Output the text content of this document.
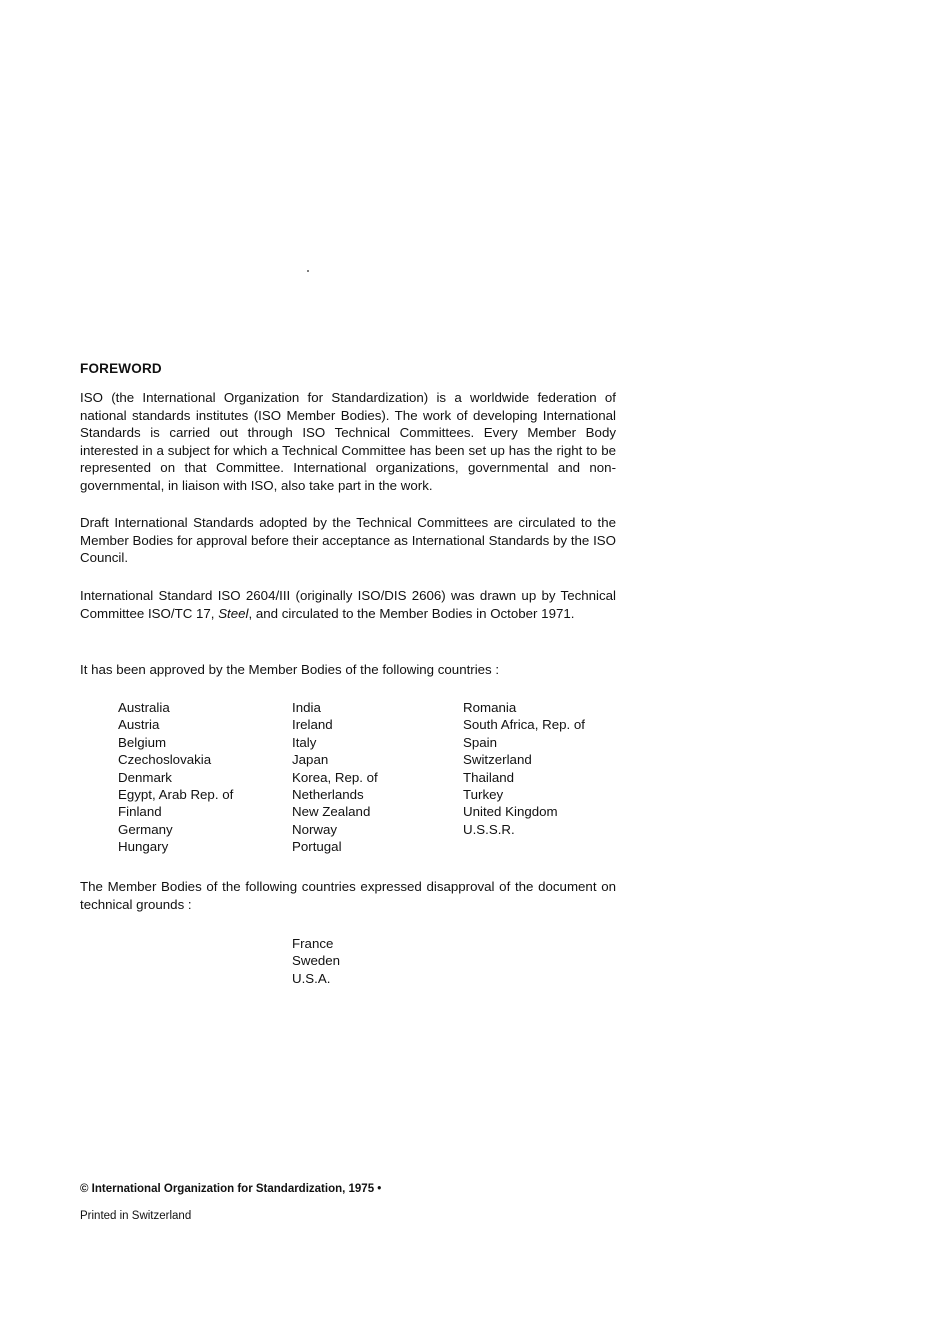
FOREWORD
ISO (the International Organization for Standardization) is a worldwide federation of national standards institutes (ISO Member Bodies). The work of developing International Standards is carried out through ISO Technical Committees. Every Member Body interested in a subject for which a Technical Committee has been set up has the right to be represented on that Committee. International organizations, governmental and non-governmental, in liaison with ISO, also take part in the work.
Draft International Standards adopted by the Technical Committees are circulated to the Member Bodies for approval before their acceptance as International Standards by the ISO Council.
International Standard ISO 2604/III (originally ISO/DIS 2606) was drawn up by Technical Committee ISO/TC 17, Steel, and circulated to the Member Bodies in October 1971.
It has been approved by the Member Bodies of the following countries :
Australia
Austria
Belgium
Czechoslovakia
Denmark
Egypt, Arab Rep. of
Finland
Germany
Hungary
India
Ireland
Italy
Japan
Korea, Rep. of
Netherlands
New Zealand
Norway
Portugal
Romania
South Africa, Rep. of
Spain
Switzerland
Thailand
Turkey
United Kingdom
U.S.S.R.
The Member Bodies of the following countries expressed disapproval of the document on technical grounds :
France
Sweden
U.S.A.
© International Organization for Standardization, 1975 •
Printed in Switzerland
